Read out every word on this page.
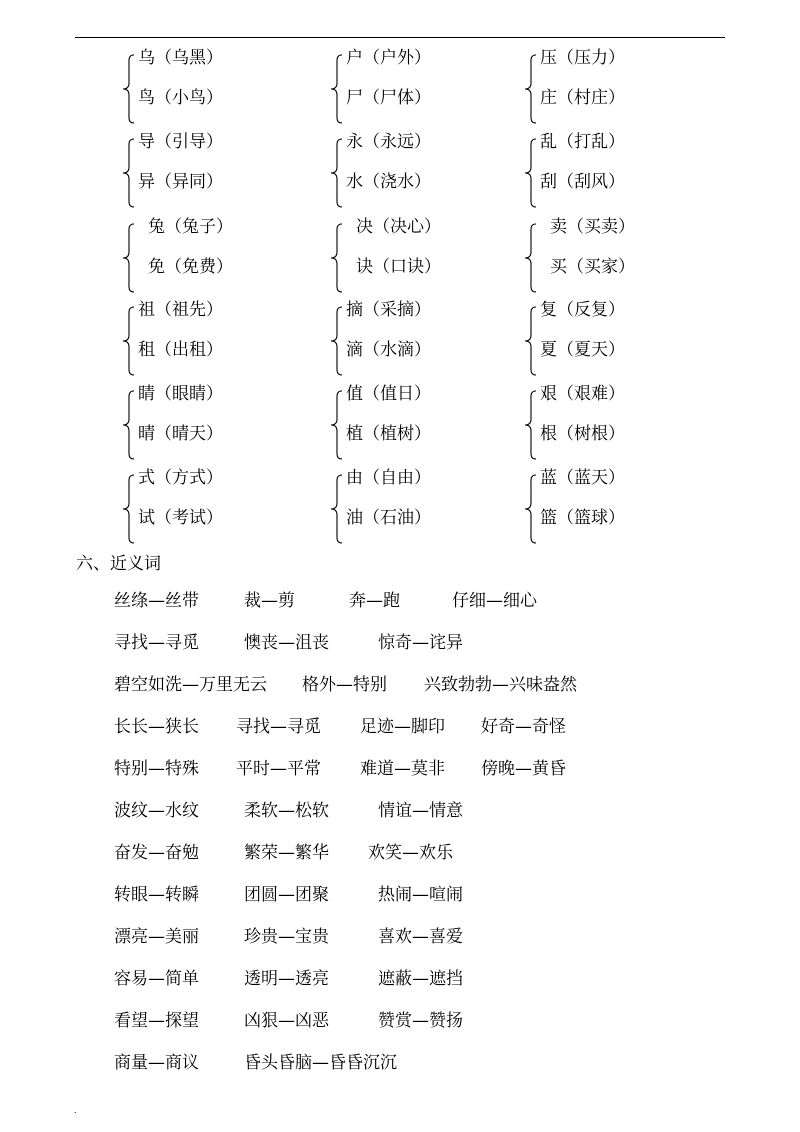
乌（乌黑）
鸟（小鸟）
户（户外）
尸（尸体）
压（压力）
庄（村庄）
导（引导）
异（异同）
永（永远）
水（浇水）
乱（打乱）
刮（刮风）
兔（兔子）
免（免费）
决（决心）
诀（口诀）
卖（买卖）
买（买家）
祖（祖先）
租（出租）
摘（采摘）
滴（水滴）
复（反复）
夏（夏天）
睛（眼睛）
晴（晴天）
值（值日）
植（植树）
艰（艰难）
根（树根）
式（方式）
试（考试）
由（自由）
油（石油）
蓝（蓝天）
篮（篮球）
六、近义词
丝绦—丝带	裁—剪	奔—跑	仔细—细心
寻找—寻觅	懊丧—沮丧	惊奇—诧异
碧空如洗—万里无云 格外—特别 兴致勃勃—兴味盎然
长长—狭长 寻找—寻觅 足迹—脚印 好奇—奇怪
特别—特殊 平时—平常 难道—莫非 傍晚—黄昏
波纹—水纹	柔软—松软	情谊—情意
奋发—奋勉	繁荣—繁华 欢笑—欢乐
转眼—转瞬	团圆—团聚	热闹—喧闹
漂亮—美丽	珍贵—宝贵	喜欢—喜爱
容易—简单	透明—透亮	遮蔽—遮挡
看望—探望	凶狠—凶恶	赞赏—赞扬
商量—商议	昏头昏脑—昏昏沉沉
.
